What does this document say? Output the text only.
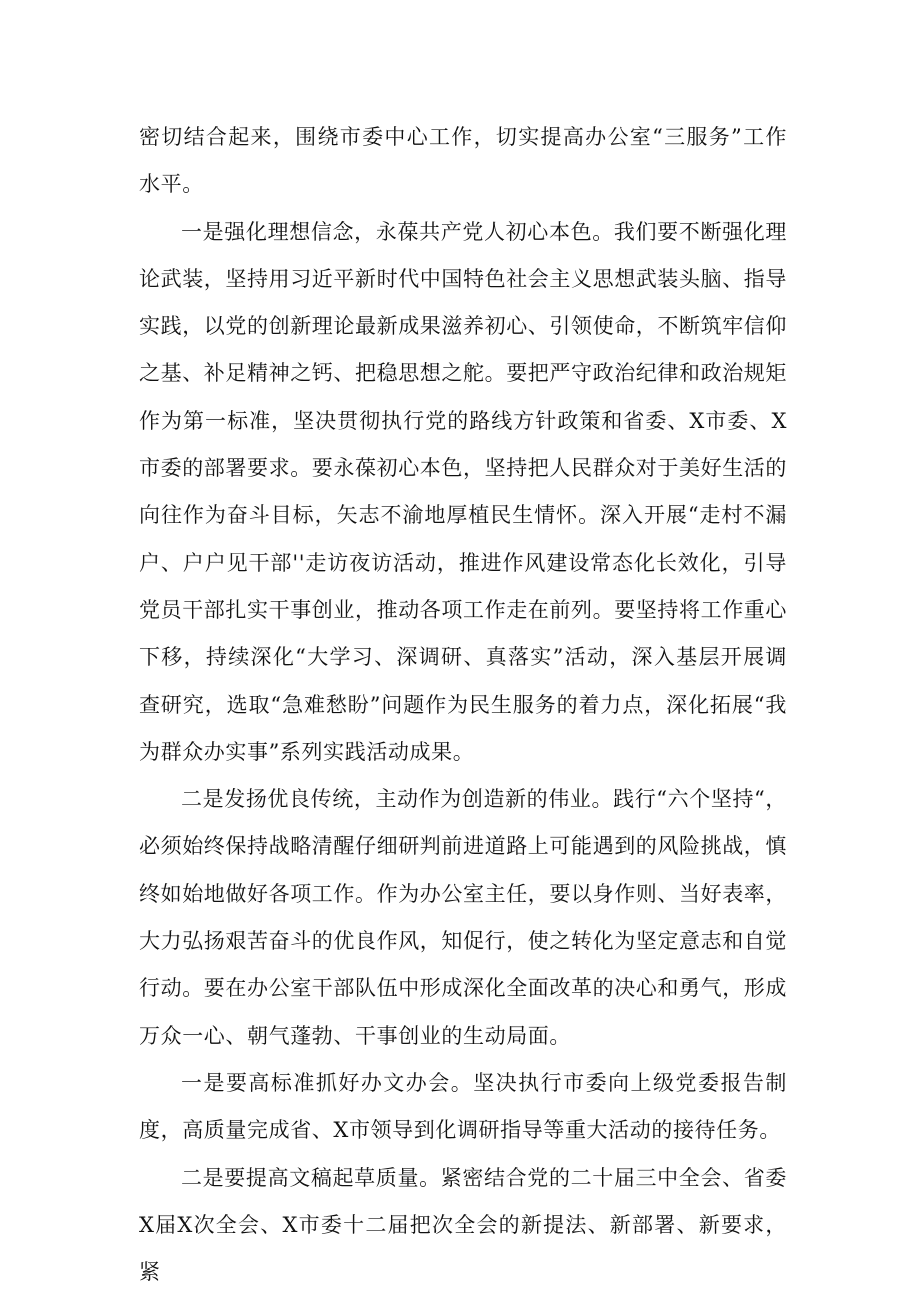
密切结合起来，围绕市委中心工作，切实提高办公室“三服务”工作水平。

一是强化理想信念，永葆共产党人初心本色。我们要不断强化理论武装，坚持用习近平新时代中国特色社会主义思想武装头脑、指导实践，以党的创新理论最新成果滋养初心、引领使命，不断筑牢信仰之基、补足精神之钙、把稳思想之舵。要把严守政治纪律和政治规矩作为第一标准，坚决贯彻执行党的路线方针政策和省委、X市委、X市委的部署要求。要永葆初心本色，坚持把人民群众对于美好生活的向往作为奋斗目标，矢志不渝地厚植民生情怀。深入开展“走村不漏户、户户见干部''走访夜访活动，推进作风建设常态化长效化，引导党员干部扎实干事创业，推动各项工作走在前列。要坚持将工作重心下移，持续深化“大学习、深调研、真落实”活动，深入基层开展调查研究，选取“急难愁盼”问题作为民生服务的着力点，深化拓展“我为群众办实事”系列实践活动成果。

二是发扬优良传统，主动作为创造新的伟业。践行“六个坚持“，必须始终保持战略清醒仔细研判前进道路上可能遇到的风险挑战，慎终如始地做好各项工作。作为办公室主任，要以身作则、当好表率，大力弘扬艰苦奋斗的优良作风，知促行，使之转化为坚定意志和自觉行动。要在办公室干部队伍中形成深化全面改革的决心和勇气，形成万众一心、朝气蓬勃、干事创业的生动局面。

一是要高标准抓好办文办会。坚决执行市委向上级党委报告制度，高质量完成省、X市领导到化调研指导等重大活动的接待任务。

二是要提高文稿起草质量。紧密结合党的二十届三中全会、省委X届X次全会、X市委十二届把次全会的新提法、新部署、新要求，紧
